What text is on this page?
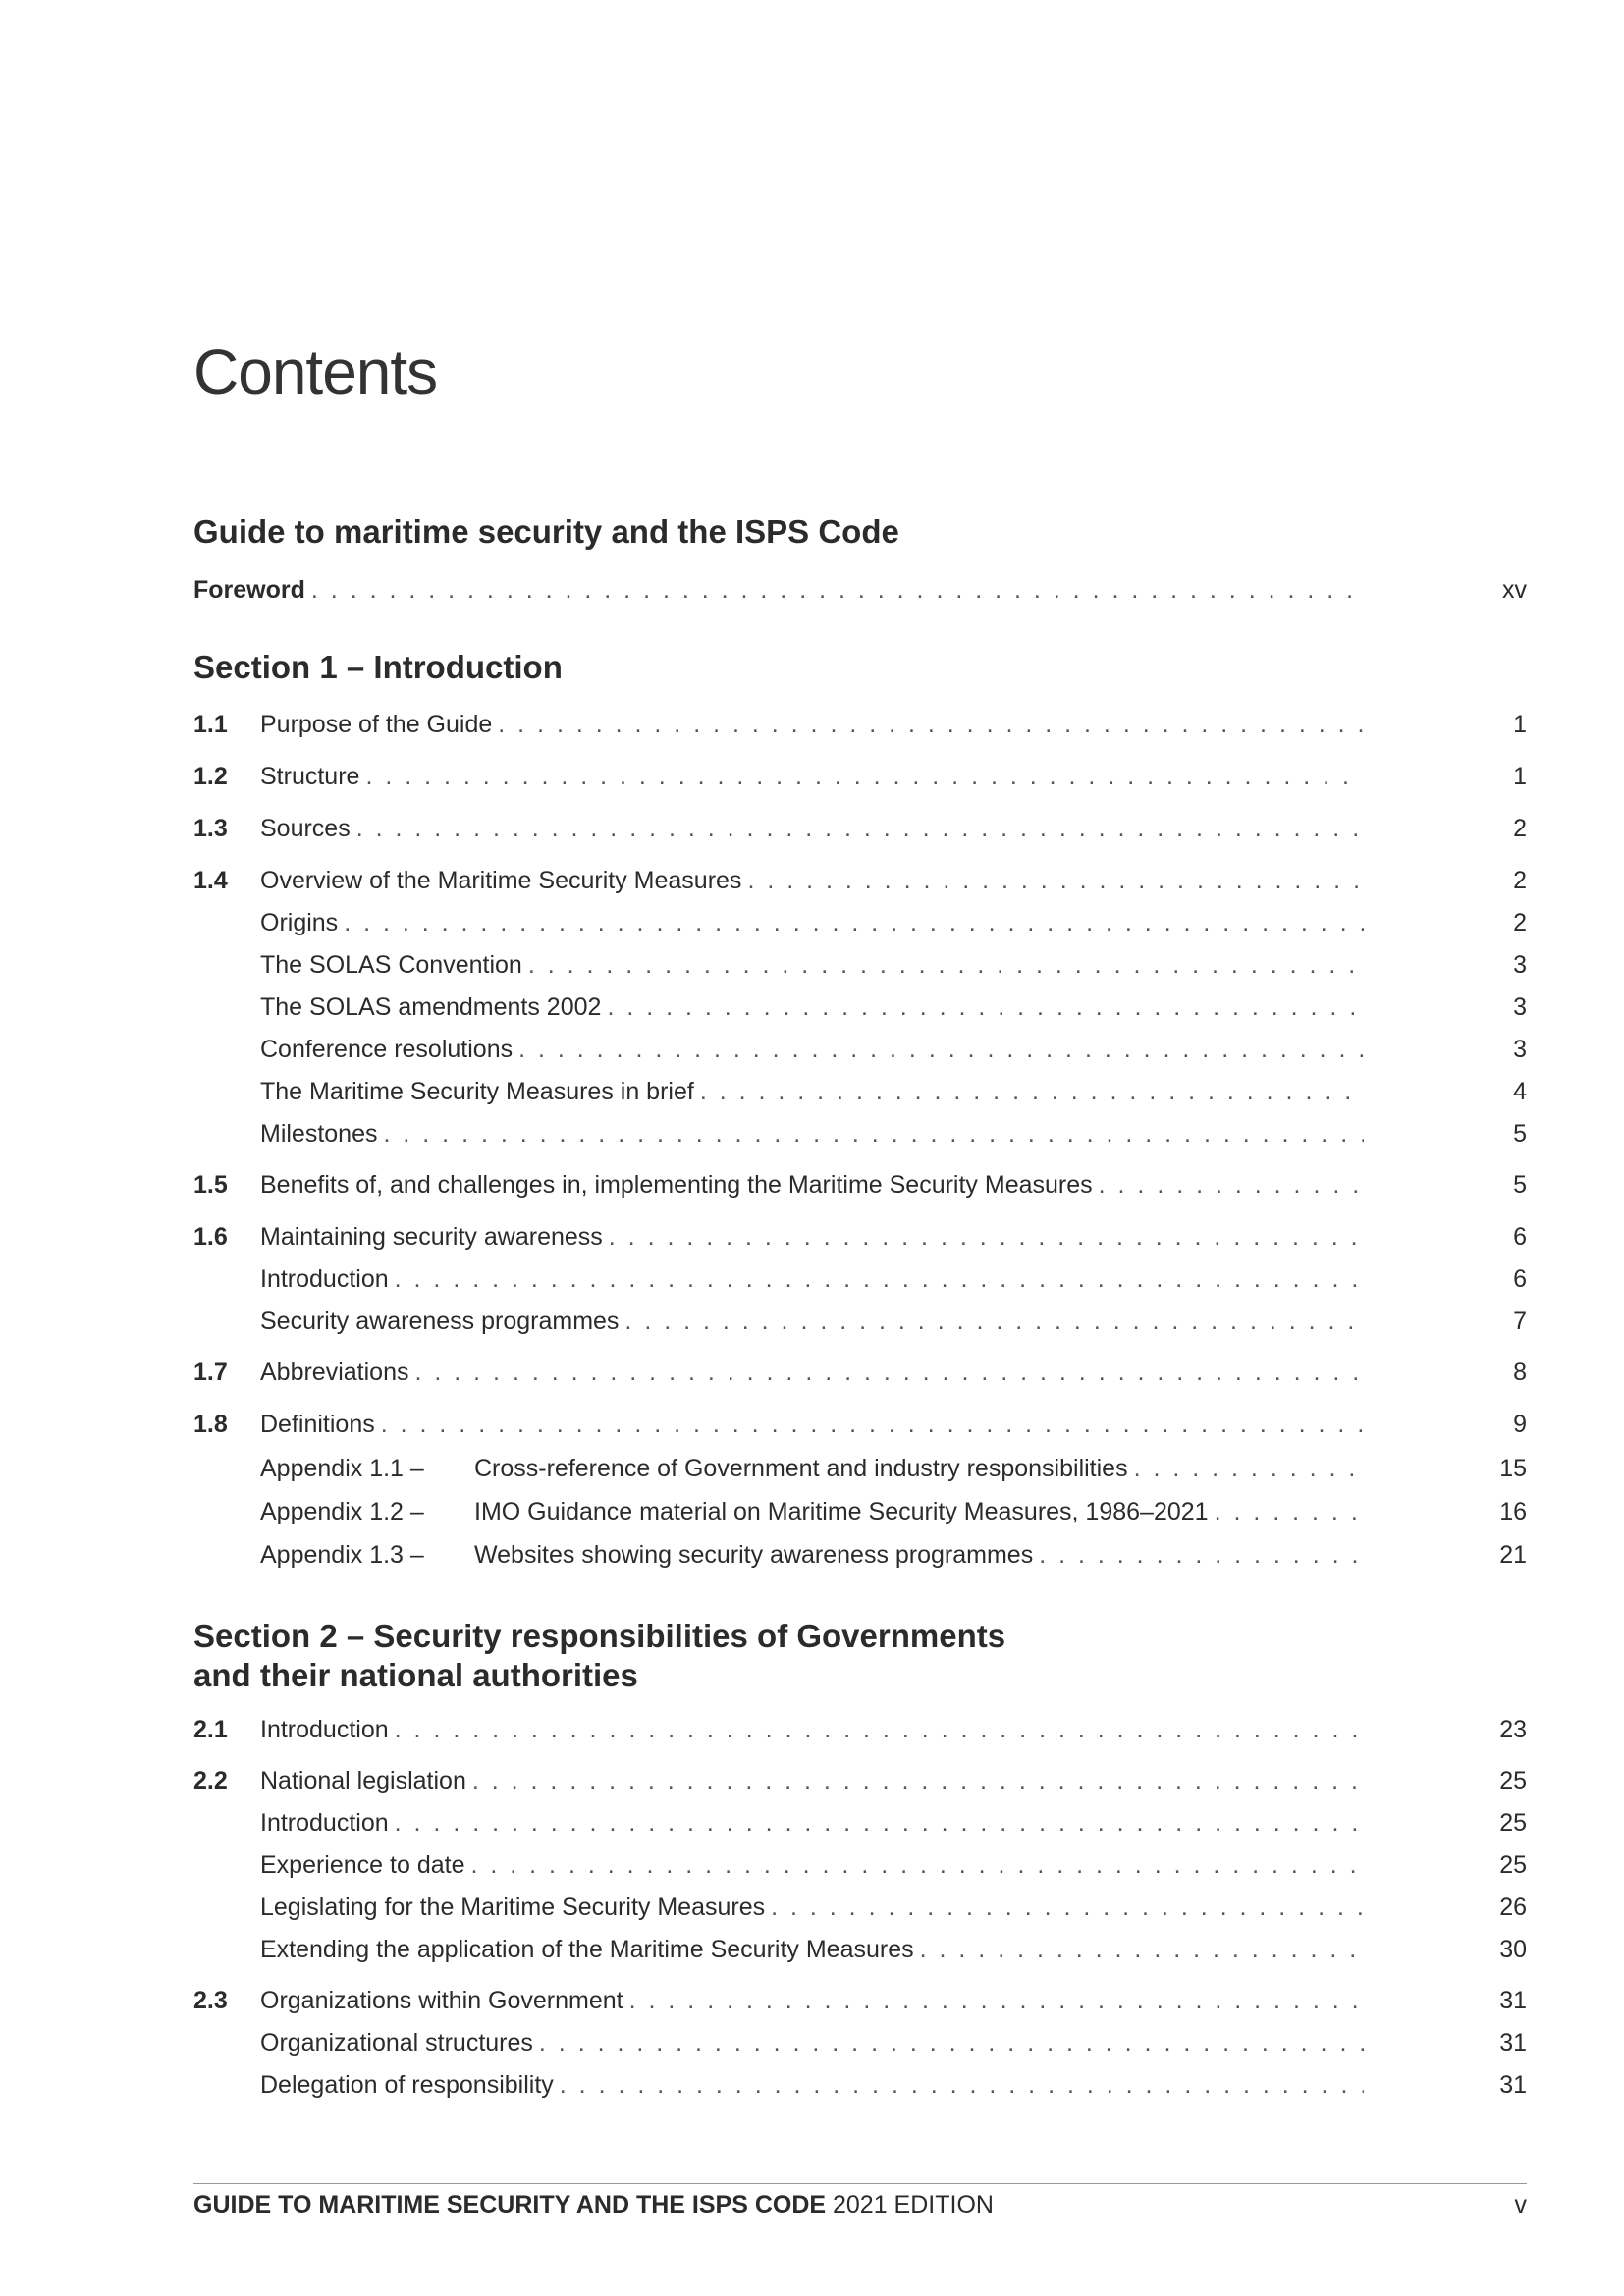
Contents
Guide to maritime security and the ISPS Code
Foreword . . .	xv
Section 1 – Introduction
1.1	Purpose of the Guide . . .	1
1.2	Structure . . .	1
1.3	Sources . . .	2
1.4	Overview of the Maritime Security Measures . . .	2
Origins . . .	2
The SOLAS Convention . . .	3
The SOLAS amendments 2002 . . .	3
Conference resolutions . . .	3
The Maritime Security Measures in brief . . .	4
Milestones . . .	5
1.5	Benefits of, and challenges in, implementing the Maritime Security Measures . . .	5
1.6	Maintaining security awareness . . .	6
Introduction . . .	6
Security awareness programmes . . .	7
1.7	Abbreviations . . .	8
1.8	Definitions . . .	9
Appendix 1.1 –	Cross-reference of Government and industry responsibilities . . .	15
Appendix 1.2 –	IMO Guidance material on Maritime Security Measures, 1986–2021 . . .	16
Appendix 1.3 –	Websites showing security awareness programmes . . .	21
Section 2 – Security responsibilities of Governments
and their national authorities
2.1	Introduction . . .	23
2.2	National legislation . . .	25
Introduction . . .	25
Experience to date . . .	25
Legislating for the Maritime Security Measures . . .	26
Extending the application of the Maritime Security Measures . . .	30
2.3	Organizations within Government . . .	31
Organizational structures . . .	31
Delegation of responsibility . . .	31
GUIDE TO MARITIME SECURITY AND THE ISPS CODE 2021 EDITION	v
